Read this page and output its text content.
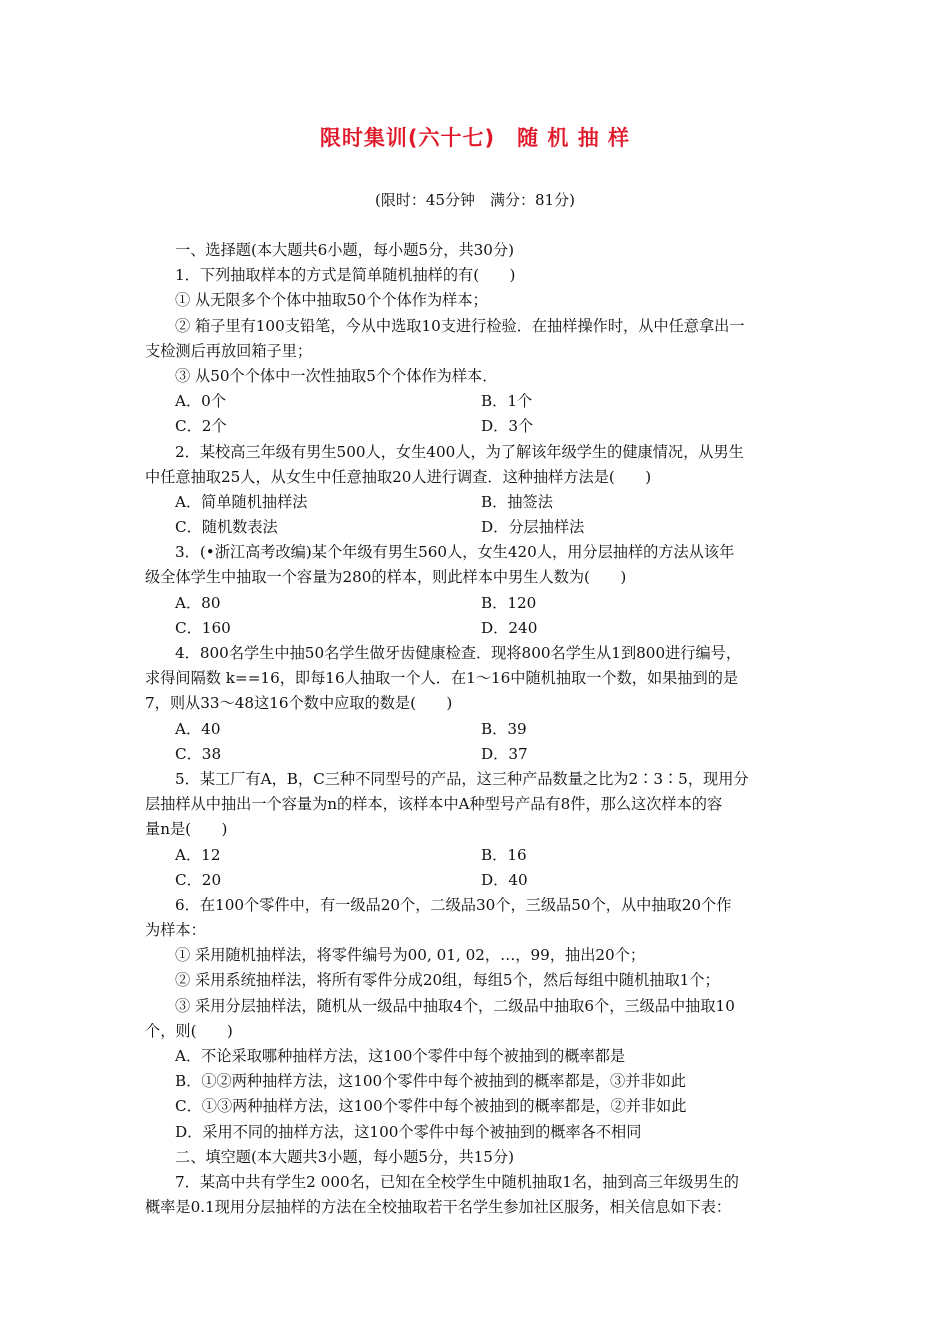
限时集训(六十七)　随 机 抽 样
(限时：45分钟　满分：81分)
一、选择题(本大题共6小题，每小题5分，共30分)
1．下列抽取样本的方式是简单随机抽样的有(　　)
① 从无限多个个体中抽取50个个体作为样本；
② 箱子里有100支铅笔，今从中选取10支进行检验．在抽样操作时，从中任意拿出一
支检测后再放回箱子里；
③ 从50个个体中一次性抽取5个个体作为样本．
A．0个	B．1个
C．2个	D．3个
2．某校高三年级有男生500人，女生400人，为了解该年级学生的健康情况，从男生
中任意抽取25人，从女生中任意抽取20人进行调查．这种抽样方法是(　　)
A．简单随机抽样法	B．抽签法
C．随机数表法	D．分层抽样法
3．(•浙江高考改编)某个年级有男生560人，女生420人，用分层抽样的方法从该年
级全体学生中抽取一个容量为280的样本，则此样本中男生人数为(　　)
A．80	B．120
C．160	D．240
4．800名学生中抽50名学生做牙齿健康检查．现将800名学生从1到800进行编号，
求得间隔数 k==16，即每16人抽取一个人．在1～16中随机抽取一个数，如果抽到的是
7，则从33～48这16个数中应取的数是(　　)
A．40	B．39
C．38	D．37
5．某工厂有A，B，C三种不同型号的产品，这三种产品数量之比为2∶3∶5，现用分
层抽样从中抽出一个容量为n的样本，该样本中A种型号产品有8件，那么这次样本的容
量n是(　　)
A．12	B．16
C．20	D．40
6．在100个零件中，有一级品20个，二级品30个，三级品50个，从中抽取20个作
为样本：
① 采用随机抽样法，将零件编号为00, 01, 02，…，99，抽出20个；
② 采用系统抽样法，将所有零件分成20组，每组5个，然后每组中随机抽取1个；
③ 采用分层抽样法，随机从一级品中抽取4个，二级品中抽取6个，三级品中抽取10
个，则(　　)
A．不论采取哪种抽样方法，这100个零件中每个被抽到的概率都是
B．①②两种抽样方法，这100个零件中每个被抽到的概率都是，③并非如此
C．①③两种抽样方法，这100个零件中每个被抽到的概率都是，②并非如此
D．采用不同的抽样方法，这100个零件中每个被抽到的概率各不相同
二、填空题(本大题共3小题，每小题5分，共15分)
7．某高中共有学生2 000名，已知在全校学生中随机抽取1名，抽到高三年级男生的
概率是0.1现用分层抽样的方法在全校抽取若干名学生参加社区服务，相关信息如下表：
